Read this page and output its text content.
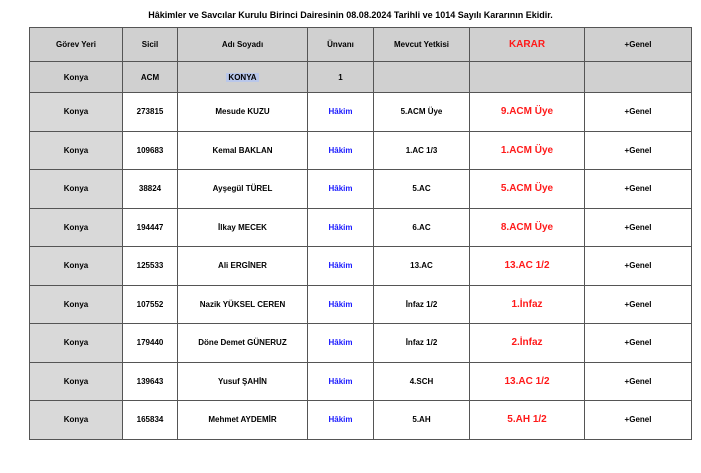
Hâkimler ve Savcılar Kurulu Birinci Dairesinin 08.08.2024 Tarihli ve 1014 Sayılı Kararının Ekidir.
Görev Yeri	Sicil	Adı Soyadı	Ünvanı	Mevcut Yetkisi	KARAR	+Genel
Konya	ACM	KONYA	1			
Konya	273815	Mesude KUZU	Hâkim	5.ACM Üye	9.ACM Üye	+Genel
Konya	109683	Kemal BAKLAN	Hâkim	1.AC 1/3	1.ACM Üye	+Genel
Konya	38824	Ayşegül TÜREL	Hâkim	5.AC	5.ACM Üye	+Genel
Konya	194447	İlkay MECEK	Hâkim	6.AC	8.ACM Üye	+Genel
Konya	125533	Ali ERGİNER	Hâkim	13.AC	13.AC 1/2	+Genel
Konya	107552	Nazik YÜKSEL CEREN	Hâkim	İnfaz 1/2	1.İnfaz	+Genel
Konya	179440	Döne Demet GÜNERUZ	Hâkim	İnfaz 1/2	2.İnfaz	+Genel
Konya	139643	Yusuf ŞAHİN	Hâkim	4.SCH	13.AC 1/2	+Genel
Konya	165834	Mehmet AYDEMİR	Hâkim	5.AH	5.AH 1/2	+Genel
